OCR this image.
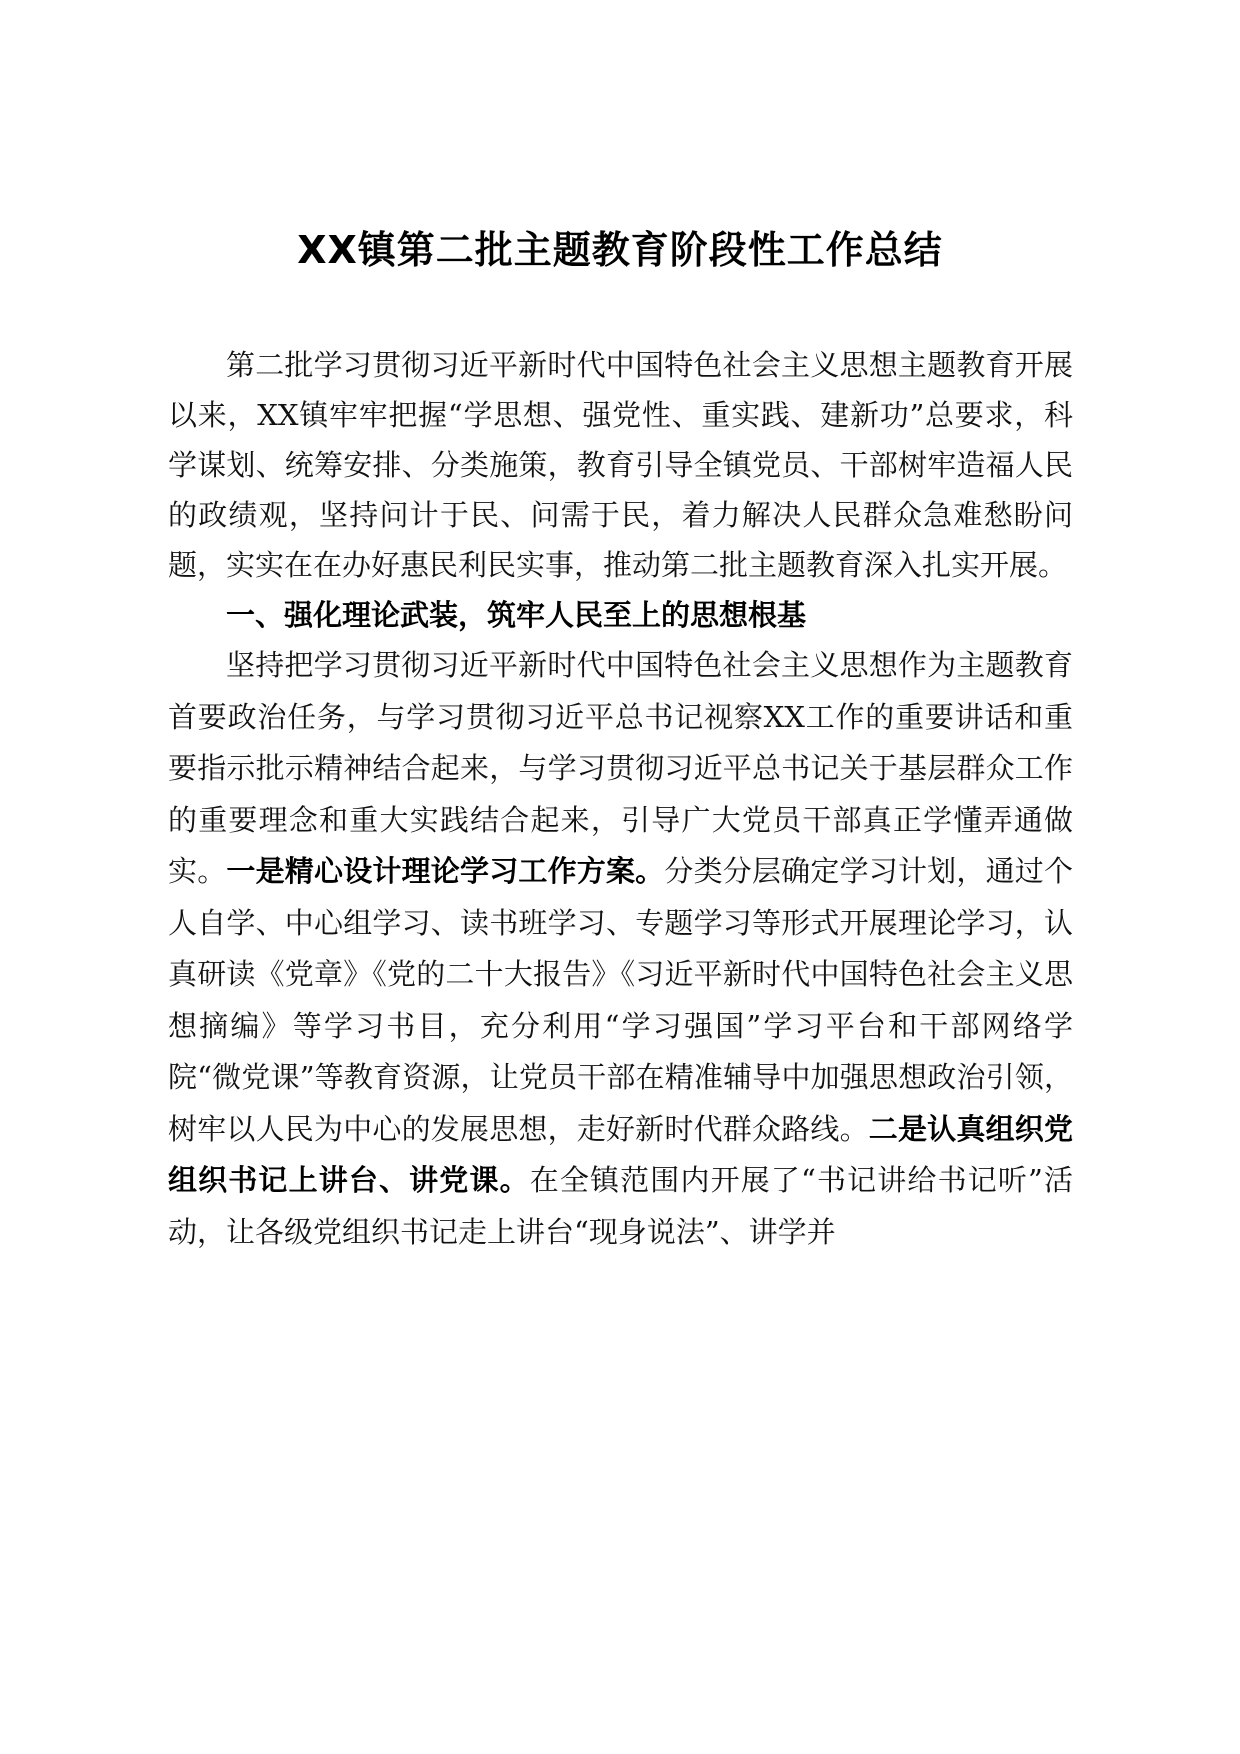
XX镇第二批主题教育阶段性工作总结

第二批学习贯彻习近平新时代中国特色社会主义思想主题教育开展以来，XX镇牢牢把握“学思想、强党性、重实践、建新功”总要求，科学谋划、统筹安排、分类施策，教育引导全镇党员、干部树牢造福人民的政绩观，坚持问计于民、问需于民，着力解决人民群众急难愁盼问题，实实在在办好惠民利民实事，推动第二批主题教育深入扎实开展。

一、强化理论武装，筑牢人民至上的思想根基

坚持把学习贯彻习近平新时代中国特色社会主义思想作为主题教育首要政治任务，与学习贯彻习近平总书记视察XX工作的重要讲话和重要指示批示精神结合起来，与学习贯彻习近平总书记关于基层群众工作的重要理念和重大实践结合起来，引导广大党员干部真正学懂弄通做实。一是精心设计理论学习工作方案。分类分层确定学习计划，通过个人自学、中心组学习、读书班学习、专题学习等形式开展理论学习，认真研读《党章》《党的二十大报告》《习近平新时代中国特色社会主义思想摘编》等学习书目，充分利用“学习强国”学习平台和干部网络学院“微党课”等教育资源，让党员干部在精准辅导中加强思想政治引领，树牢以人民为中心的发展思想，走好新时代群众路线。二是认真组织党组织书记上讲台、讲党课。在全镇范围内开展了“书记讲给书记听”活动，让各级党组织书记走上讲台“现身说法”、讲学并
